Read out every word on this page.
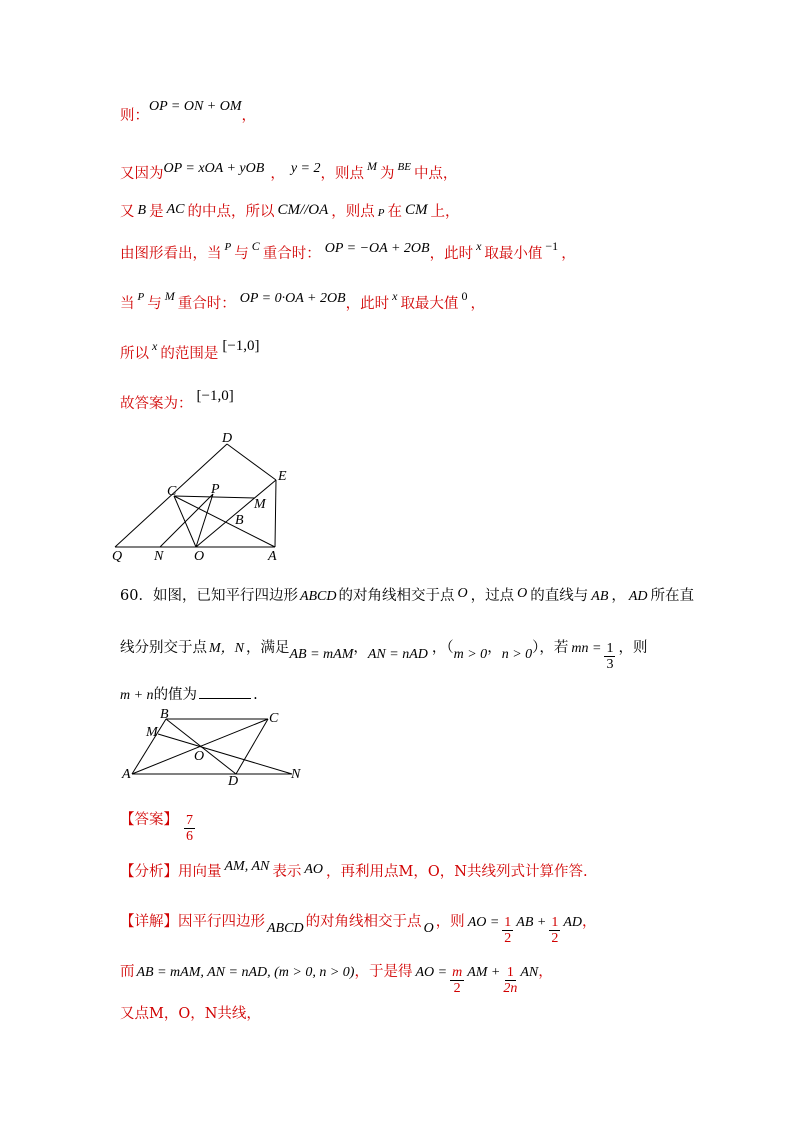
则：
OP = ON + OM
，
又因为 OP = xOA + yOB ， y = 2 ，则点 M 为 BE 中点，
又 B 是 AC 的中点，所以 CM//OA ，则点 P 在 CM 上，
由图形看出，当 P 与 C 重合时： OP = −OA + 2OB ，此时 x 取最小值 −1 ，
当 P 与 M 重合时： OP = 0·OA + 2OB ，此时 x 取最大值 0 ，
所以 x 的范围是 [−1,0]
故答案为： [−1,0]
D
E
C P
M
B
Q N O	A
60． 如图，已知平行四边形 ABCD 的对角线相交于点 O ，过点 O 的直线与 AB ， AD 所在直
线分别交于点 M，N ，满足 AB = mAM ， AN = nAD ，（ m > 0 ， n > 0 ），若 mn = $\frac{1}{3}$ ，则
m + n 的值为	.
B	C
M
O
A	D	N
【答案】 $\frac{7}{6}$
【分析】 用向量 AM, AN 表示 AO ，再利用点M，O，N共线列式计算作答.
【详解】 因平行四边形 ABCD 的对角线相交于点 O ，则 AO = $\frac{1}{2}$ AB + $\frac{1}{2}$ AD ，
而 AB = mAM, AN = nAD, (m > 0, n > 0) ，于是得 AO = $\frac{m}{2}$ AM + $\frac{1}{2n}$ AN ，
又点M，O，N共线，
